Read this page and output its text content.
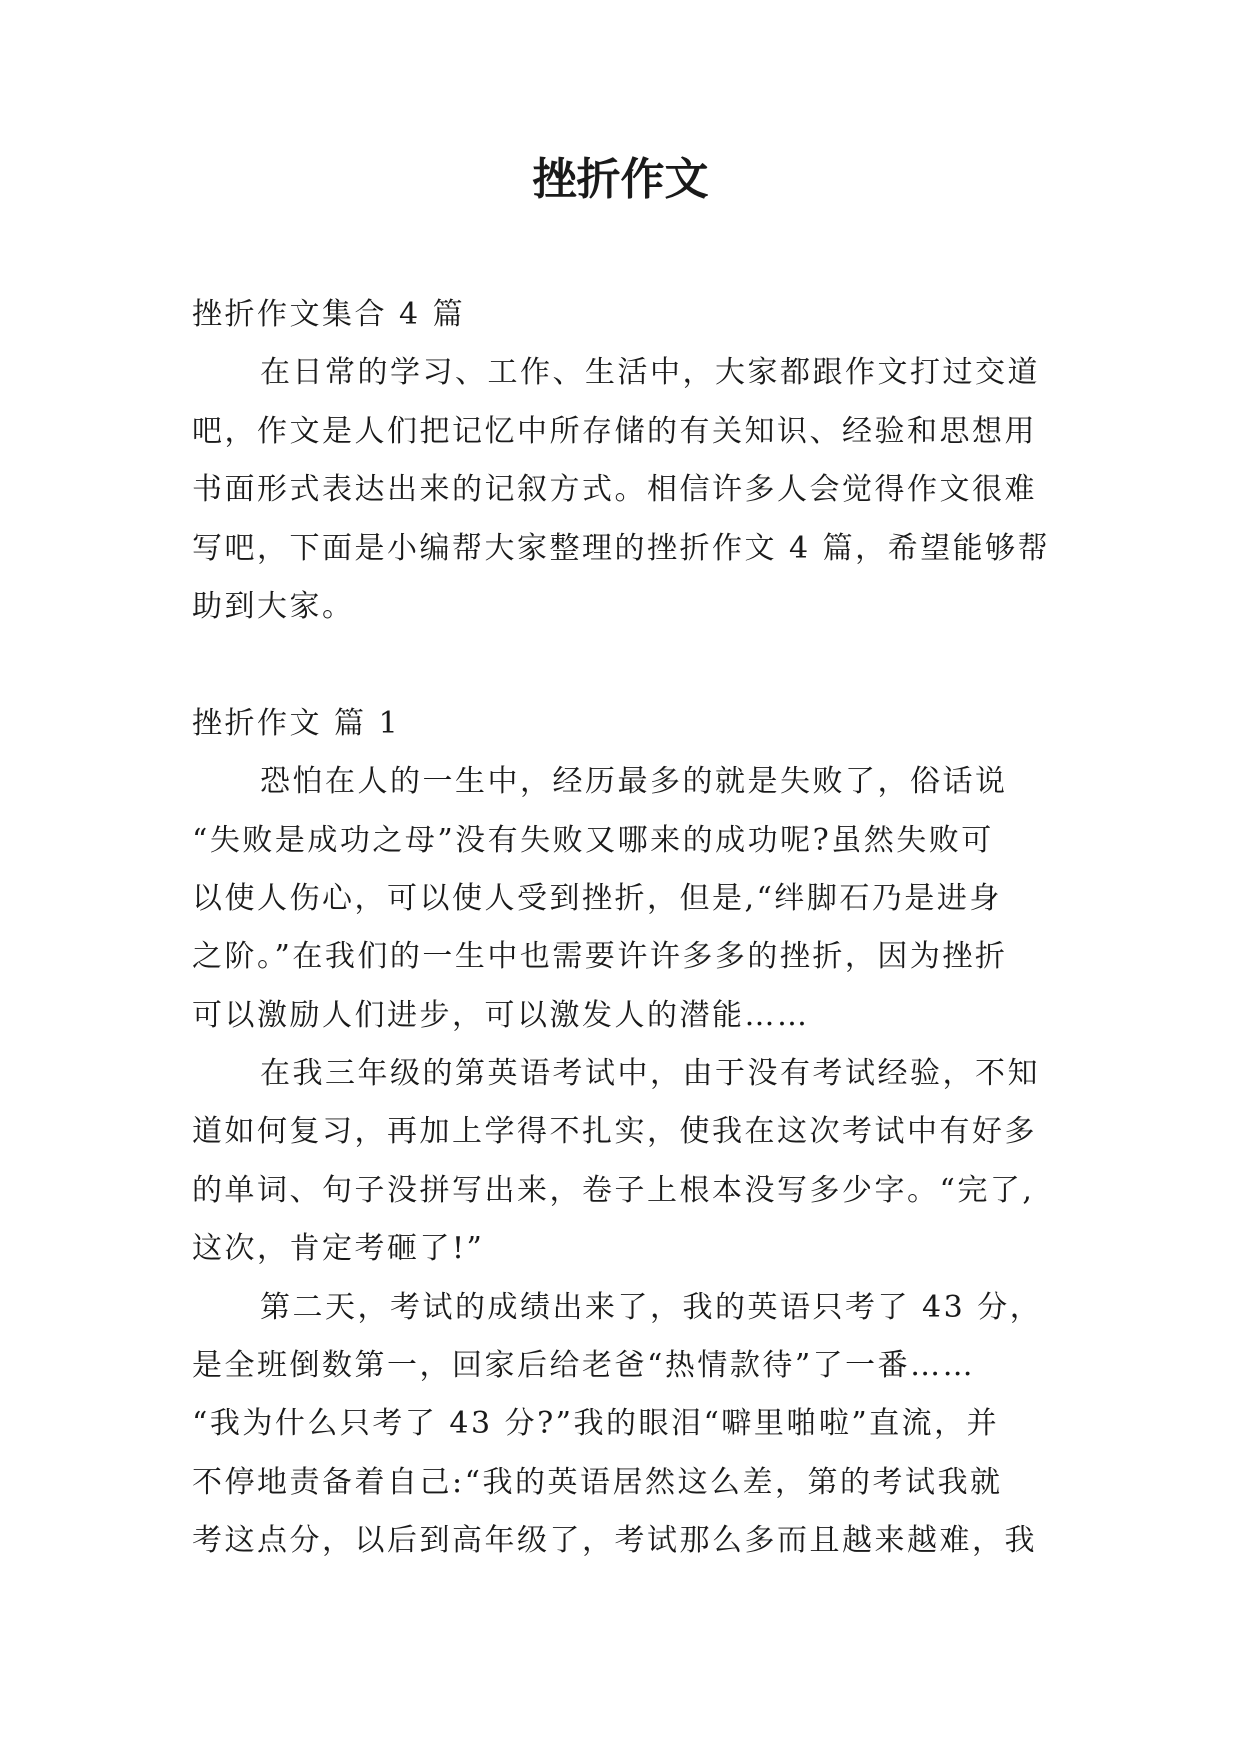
挫折作文

挫折作文集合 4 篇

在日常的学习、工作、生活中，大家都跟作文打过交道

吧，作文是人们把记忆中所存储的有关知识、经验和思想用

书面形式表达出来的记叙方式。相信许多人会觉得作文很难

写吧，下面是小编帮大家整理的挫折作文 4 篇，希望能够帮

助到大家。

挫折作文 篇 1

恐怕在人的一生中，经历最多的就是失败了，俗话说

“失败是成功之母”没有失败又哪来的成功呢?虽然失败可

以使人伤心，可以使人受到挫折，但是,“绊脚石乃是进身

之阶。”在我们的一生中也需要许许多多的挫折，因为挫折

可以激励人们进步，可以激发人的潜能……

在我三年级的第英语考试中，由于没有考试经验，不知

道如何复习，再加上学得不扎实，使我在这次考试中有好多

的单词、句子没拼写出来，卷子上根本没写多少字。“完了,

这次，肯定考砸了!”

第二天，考试的成绩出来了，我的英语只考了 43 分，

是全班倒数第一，回家后给老爸“热情款待”了一番……

“我为什么只考了 43 分?”我的眼泪“噼里啪啦”直流，并

不停地责备着自己:“我的英语居然这么差，第的考试我就

考这点分，以后到高年级了，考试那么多而且越来越难，我
